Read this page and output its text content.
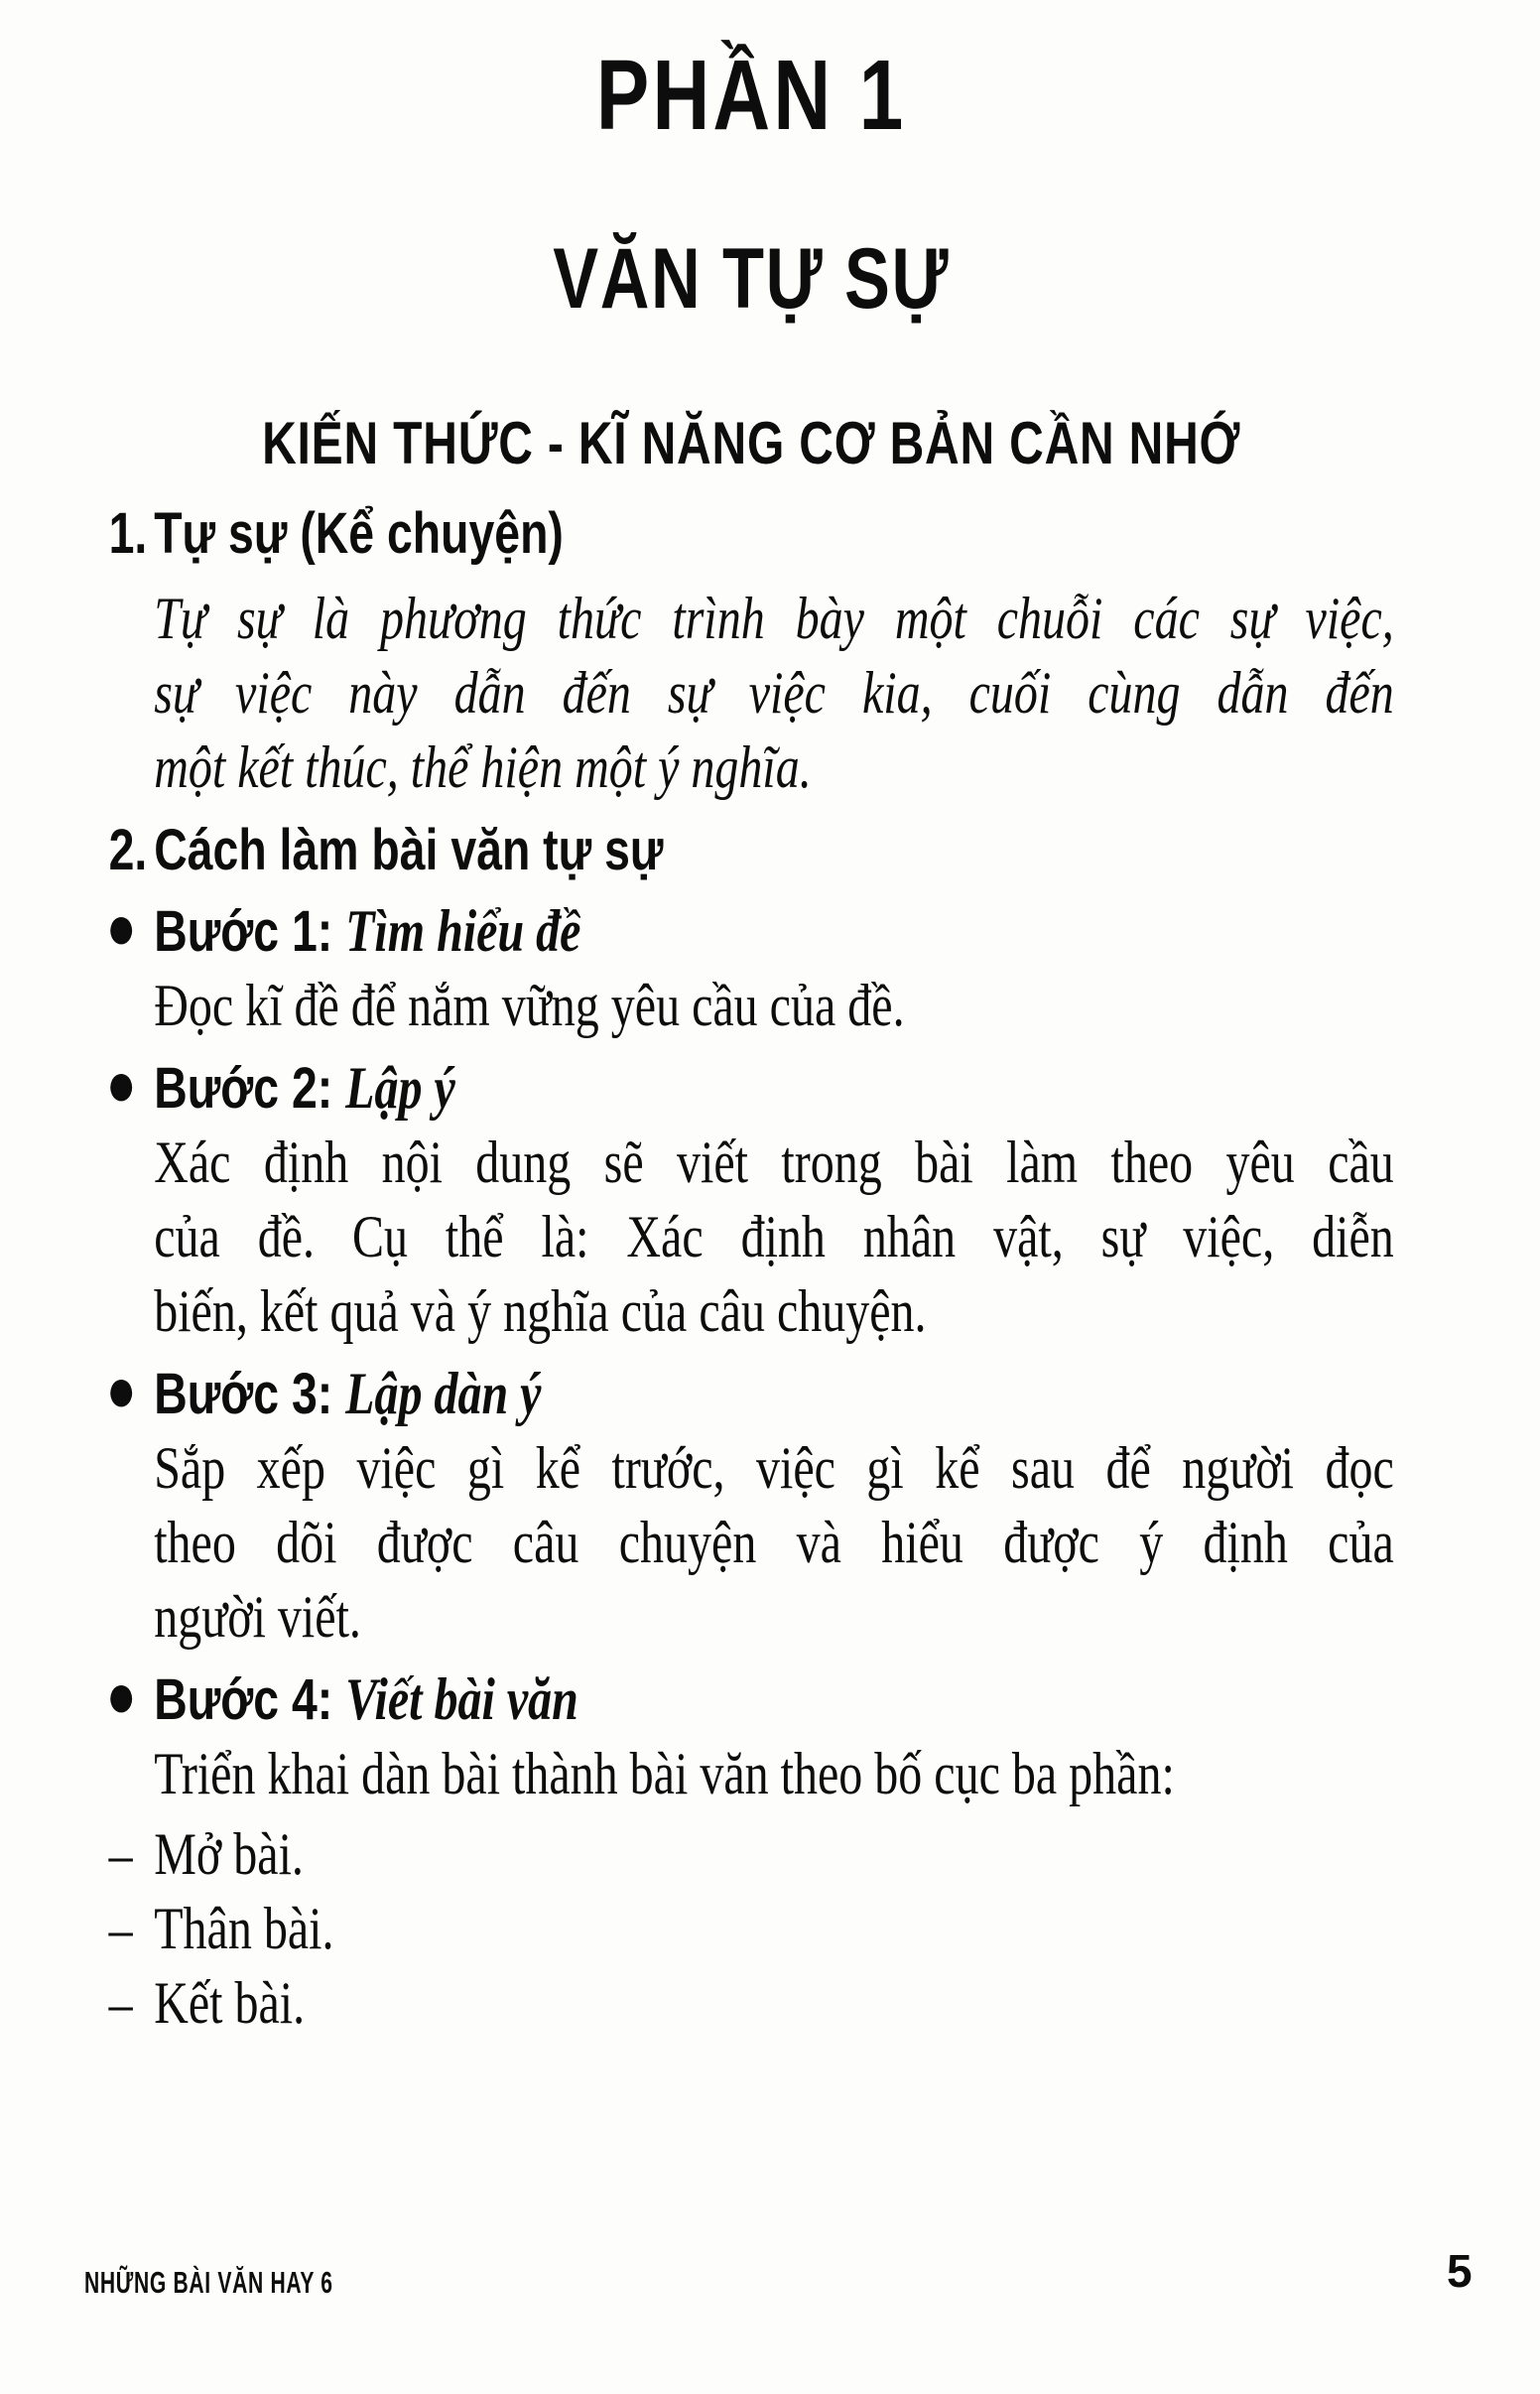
PHẦN 1
VĂN TỰ SỰ
KIẾN THỨC - KĨ NĂNG CƠ BẢN CẦN NHỚ
1. Tự sự (Kể chuyện)
Tự sự là phương thức trình bày một chuỗi các sự việc,
sự việc này dẫn đến sự việc kia, cuối cùng dẫn đến
một kết thúc, thể hiện một ý nghĩa.
2. Cách làm bài văn tự sự
● Bước 1: Tìm hiểu đề
Đọc kĩ đề để nắm vững yêu cầu của đề.
● Bước 2: Lập ý
Xác định nội dung sẽ viết trong bài làm theo yêu cầu
của đề. Cụ thể là: Xác định nhân vật, sự việc, diễn
biến, kết quả và ý nghĩa của câu chuyện.
● Bước 3: Lập dàn ý
Sắp xếp việc gì kể trước, việc gì kể sau để người đọc
theo dõi được câu chuyện và hiểu được ý định của
người viết.
● Bước 4: Viết bài văn
Triển khai dàn bài thành bài văn theo bố cục ba phần:
– Mở bài.
– Thân bài.
– Kết bài.
NHỮNG BÀI VĂN HAY 6	5
